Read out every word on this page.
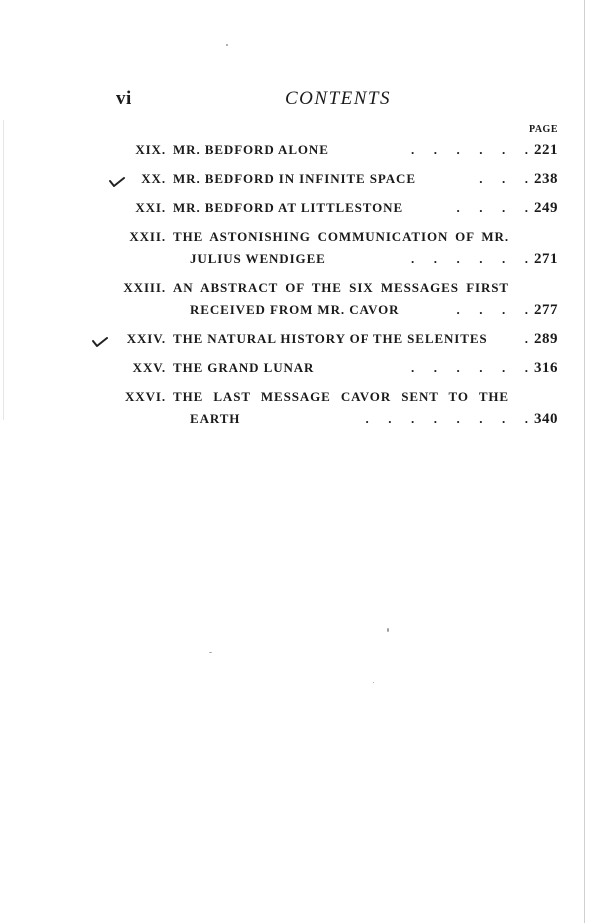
vi	CONTENTS
PAGE
XIX. MR. BEDFORD ALONE	.      .      .      .      .      . 221
XX. MR. BEDFORD IN INFINITE SPACE	.      .      . 238
XXI. MR. BEDFORD AT LITTLESTONE	.      .      .      . 249
XXII. THE ASTONISHING COMMUNICATION OF MR.
JULIUS WENDIGEE	.      .      .      .      .      . 271
XXIII. AN ABSTRACT OF THE SIX MESSAGES FIRST
RECEIVED FROM MR. CAVOR	.      .      .      . 277
XXIV. THE NATURAL HISTORY OF THE SELENITES	. 289
XXV. THE GRAND LUNAR	.      .      .      .      .      . 316
XXVI. THE LAST MESSAGE CAVOR SENT TO THE
EARTH	.      .      .      .      .      .      .      . 340
